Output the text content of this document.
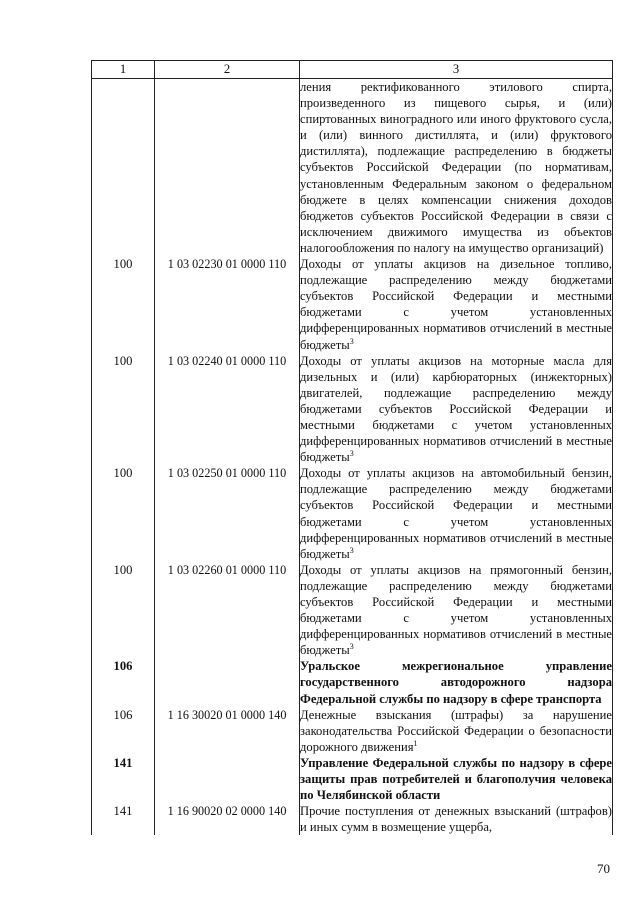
1	2	3
		ления ректификованного этилового спирта, произведенного из пищевого сырья, и (или) спиртованных виноградного или иного фруктового сусла, и (или) винного дистиллята, и (или) фруктового дистиллята), подлежащие распределению в бюджеты субъектов Российской Федерации (по нормативам, установленным Федеральным законом о федеральном бюджете в целях компенсации снижения доходов бюджетов субъектов Российской Федерации в связи с исключением движимого имущества из объектов налогообложения по налогу на имущество организаций)
100	1 03 02230 01 0000 110	Доходы от уплаты акцизов на дизельное топливо, подлежащие распределению между бюджетами субъектов Российской Федерации и местными бюджетами с учетом установленных дифференцированных нормативов отчислений в местные бюджеты$^3$
100	1 03 02240 01 0000 110	Доходы от уплаты акцизов на моторные масла для дизельных и (или) карбюраторных (инжекторных) двигателей, подлежащие распределению между бюджетами субъектов Российской Федерации и местными бюджетами с учетом установленных дифференцированных нормативов отчислений в местные бюджеты$^3$
100	1 03 02250 01 0000 110	Доходы от уплаты акцизов на автомобильный бензин, подлежащие распределению между бюджетами субъектов Российской Федерации и местными бюджетами с учетом установленных дифференцированных нормативов отчислений в местные бюджеты$^3$
100	1 03 02260 01 0000 110	Доходы от уплаты акцизов на прямогонный бензин, подлежащие распределению между бюджетами субъектов Российской Федерации и местными бюджетами с учетом установленных дифференцированных нормативов отчислений в местные бюджеты$^3$
106		Уральское межрегиональное управление государственного автодорожного надзора Федеральной службы по надзору в сфере транспорта
106	1 16 30020 01 0000 140	Денежные взыскания (штрафы) за нарушение законодательства Российской Федерации о безопасности дорожного движения$^1$
141		Управление Федеральной службы по надзору в сфере защиты прав потребителей и благополучия человека по Челябинской области
141	1 16 90020 02 0000 140	Прочие поступления от денежных взысканий (штрафов) и иных сумм в возмещение ущерба,
70
